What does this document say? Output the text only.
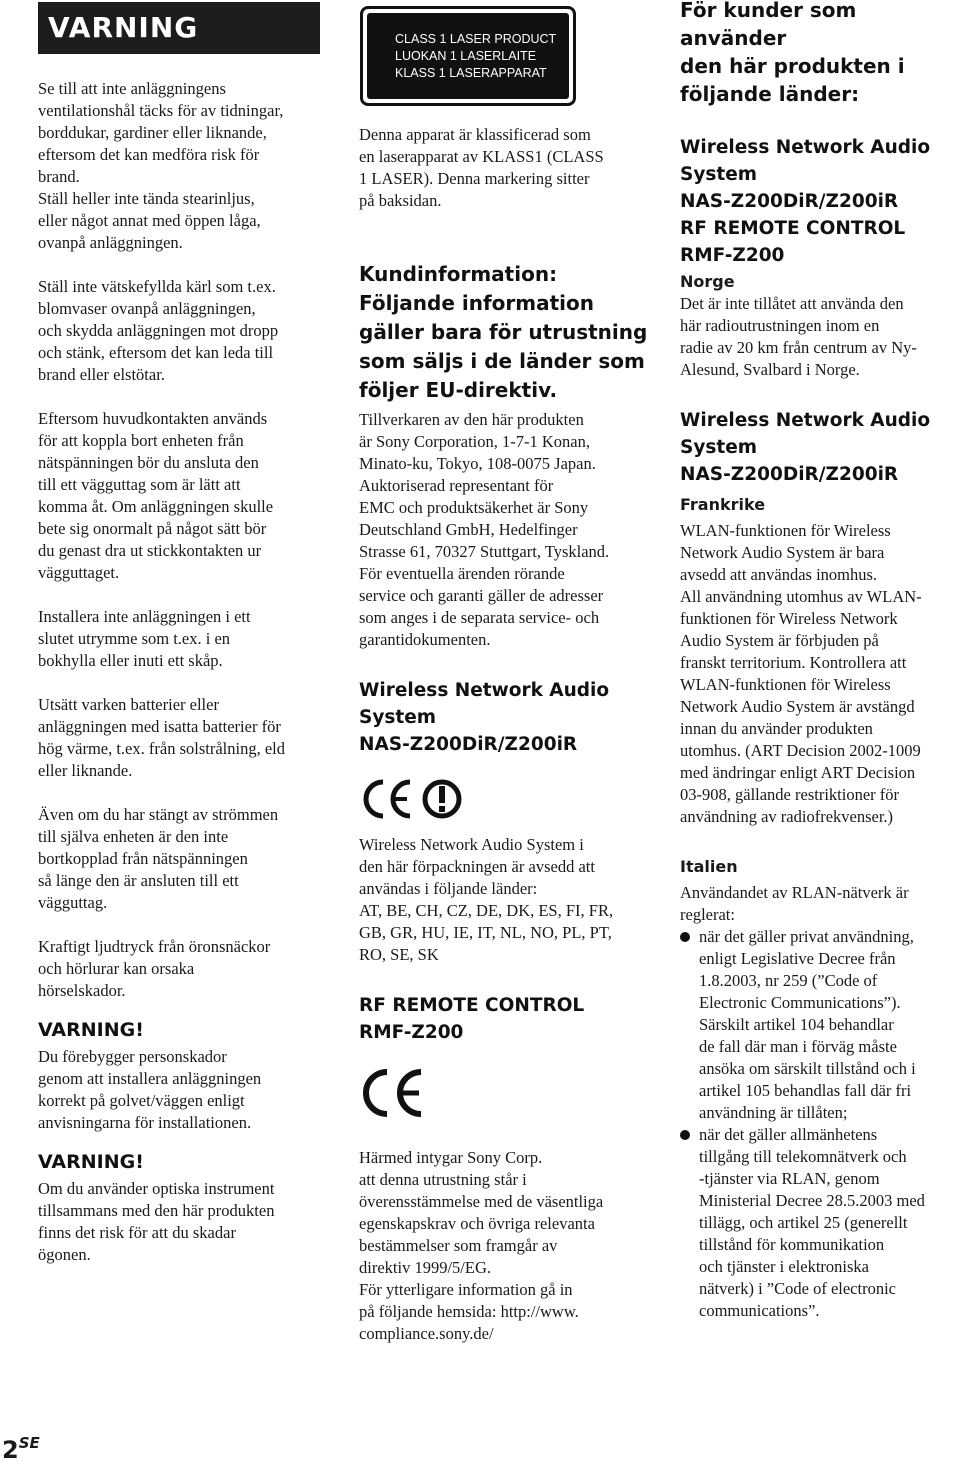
VARNING

Se till att inte anläggningens
ventilationshål täcks för av tidningar,
borddukar, gardiner eller liknande,
eftersom det kan medföra risk för
brand.
Ställ heller inte tända stearinljus,
eller något annat med öppen låga,
ovanpå anläggningen.

Ställ inte vätskefyllda kärl som t.ex.
blomvaser ovanpå anläggningen,
och skydda anläggningen mot dropp
och stänk, eftersom det kan leda till
brand eller elstötar.

Eftersom huvudkontakten används
för att koppla bort enheten från
nätspänningen bör du ansluta den
till ett vägguttag som är lätt att
komma åt. Om anläggningen skulle
bete sig onormalt på något sätt bör
du genast dra ut stickkontakten ur
vägguttaget.

Installera inte anläggningen i ett
slutet utrymme som t.ex. i en
bokhylla eller inuti ett skåp.

Utsätt varken batterier eller
anläggningen med isatta batterier för
hög värme, t.ex. från solstrålning, eld
eller liknande.

Även om du har stängt av strömmen
till själva enheten är den inte
bortkopplad från nätspänningen
så länge den är ansluten till ett
vägguttag.

Kraftigt ljudtryck från öronsnäckor
och hörlurar kan orsaka
hörselskador.

VARNING!

Du förebygger personskador
genom att installera anläggningen
korrekt på golvet/väggen enligt
anvisningarna för installationen.

VARNING!

Om du använder optiska instrument
tillsammans med den här produkten
finns det risk för att du skadar
ögonen.

CLASS 1 LASER PRODUCT
LUOKAN 1 LASERLAITE
KLASS 1 LASERAPPARAT

Denna apparat är klassificerad som
en laserapparat av KLASS1 (CLASS
1 LASER). Denna markering sitter
på baksidan.

Kundinformation:
Följande information
gäller bara för utrustning
som säljs i de länder som
följer EU-direktiv.

Tillverkaren av den här produkten
är Sony Corporation, 1-7-1 Konan,
Minato-ku, Tokyo, 108-0075 Japan.
Auktoriserad representant för
EMC och produktsäkerhet är Sony
Deutschland GmbH, Hedelfinger
Strasse 61, 70327 Stuttgart, Tyskland.
För eventuella ärenden rörande
service och garanti gäller de adresser
som anges i de separata service- och
garantidokumenten.

Wireless Network Audio
System
NAS-Z200DiR/Z200iR

Wireless Network Audio System i
den här förpackningen är avsedd att
användas i följande länder:
AT, BE, CH, CZ, DE, DK, ES, FI, FR,
GB, GR, HU, IE, IT, NL, NO, PL, PT,
RO, SE, SK

RF REMOTE CONTROL
RMF-Z200

Härmed intygar Sony Corp.
att denna utrustning står i
överensstämmelse med de väsentliga
egenskapskrav och övriga relevanta
bestämmelser som framgår av
direktiv 1999/5/EG.
För ytterligare information gå in
på följande hemsida: http://www.
compliance.sony.de/

För kunder som använder
den här produkten i
följande länder:

Wireless Network Audio
System
NAS-Z200DiR/Z200iR
RF REMOTE CONTROL
RMF-Z200

Norge

Det är inte tillåtet att använda den
här radioutrustningen inom en
radie av 20 km från centrum av Ny-
Alesund, Svalbard i Norge.

Wireless Network Audio
System
NAS-Z200DiR/Z200iR

Frankrike

WLAN-funktionen för Wireless
Network Audio System är bara
avsedd att användas inomhus.
All användning utomhus av WLAN-
funktionen för Wireless Network
Audio System är förbjuden på
franskt territorium. Kontrollera att
WLAN-funktionen för Wireless
Network Audio System är avstängd
innan du använder produkten
utomhus. (ART Decision 2002-1009
med ändringar enligt ART Decision
03-908, gällande restriktioner för
användning av radiofrekvenser.)

Italien

Användandet av RLAN-nätverk är
reglerat:

när det gäller privat användning,
enligt Legislative Decree från
1.8.2003, nr 259 (”Code of
Electronic Communications”).
Särskilt artikel 104 behandlar
de fall där man i förväg måste
ansöka om särskilt tillstånd och i
artikel 105 behandlas fall där fri
användning är tillåten;
när det gäller allmänhetens
tillgång till telekomnätverk och
-tjänster via RLAN, genom
Ministerial Decree 28.5.2003 med
tillägg, och artikel 25 (generellt
tillstånd för kommunikation
och tjänster i elektroniska
nätverk) i ”Code of electronic
communications”.
$2^{SE}$
